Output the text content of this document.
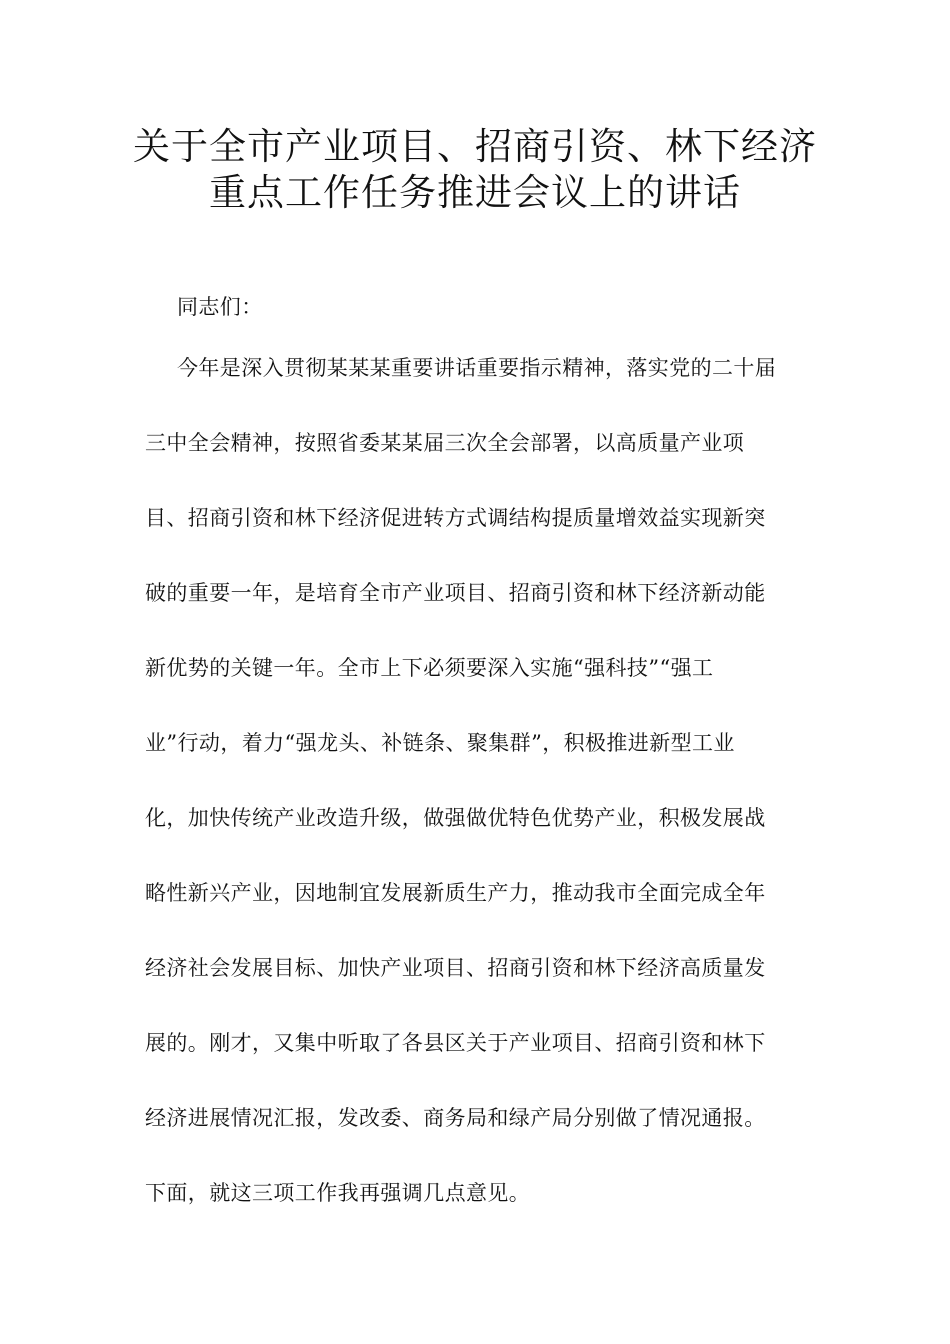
关于全市产业项目、招商引资、林下经济
重点工作任务推进会议上的讲话
同志们：
今年是深入贯彻某某某重要讲话重要指示精神，落实党的二十届
三中全会精神，按照省委某某届三次全会部署，以高质量产业项
目、招商引资和林下经济促进转方式调结构提质量增效益实现新突
破的重要一年，是培育全市产业项目、招商引资和林下经济新动能
新优势的关键一年。全市上下必须要深入实施“强科技”“强工
业”行动，着力“强龙头、补链条、聚集群”，积极推进新型工业
化，加快传统产业改造升级，做强做优特色优势产业，积极发展战
略性新兴产业，因地制宜发展新质生产力，推动我市全面完成全年
经济社会发展目标、加快产业项目、招商引资和林下经济高质量发
展的。刚才，又集中听取了各县区关于产业项目、招商引资和林下
经济进展情况汇报，发改委、商务局和绿产局分别做了情况通报。
下面，就这三项工作我再强调几点意见。
